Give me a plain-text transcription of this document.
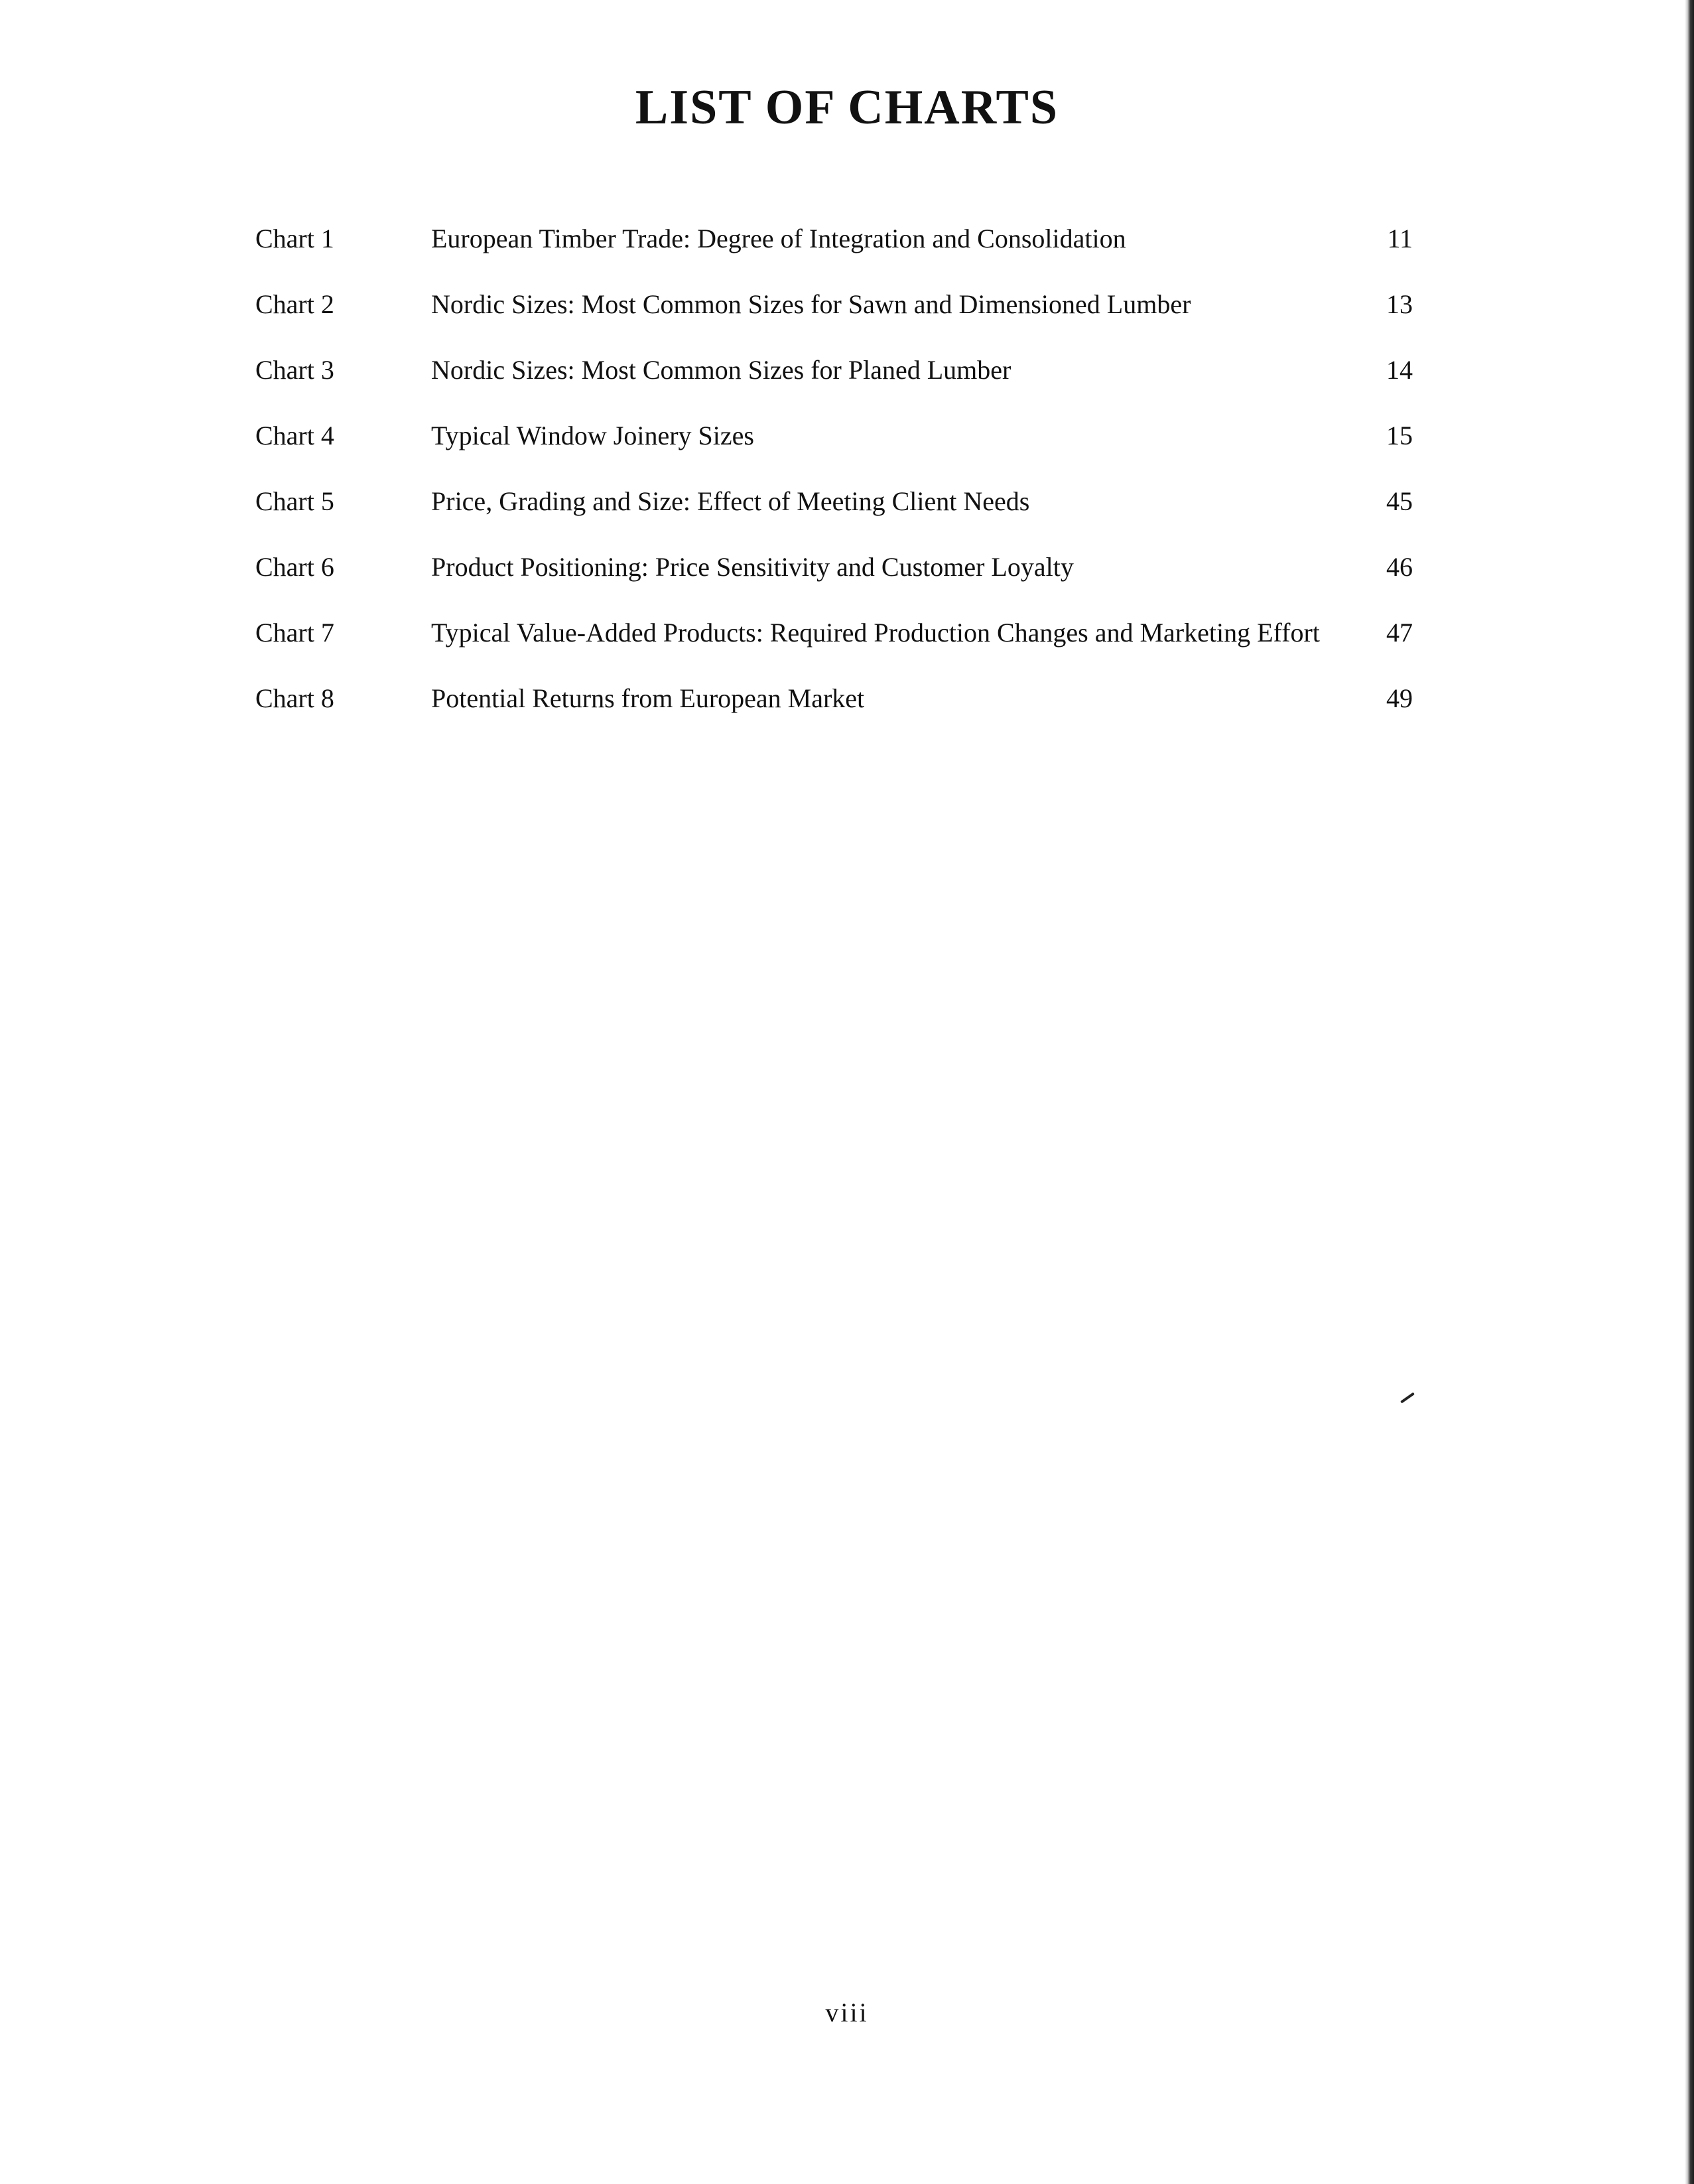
LIST OF CHARTS
Chart 1	European Timber Trade: Degree of Integration and Consolidation	11
Chart 2	Nordic Sizes: Most Common Sizes for Sawn and Dimensioned Lumber	13
Chart 3	Nordic Sizes: Most Common Sizes for Planed Lumber	14
Chart 4	Typical Window Joinery Sizes	15
Chart 5	Price, Grading and Size: Effect of Meeting Client Needs	45
Chart 6	Product Positioning: Price Sensitivity and Customer Loyalty	46
Chart 7	Typical Value-Added Products: Required Production Changes and Marketing Effort	47
Chart 8	Potential Returns from European Market	49
viii
